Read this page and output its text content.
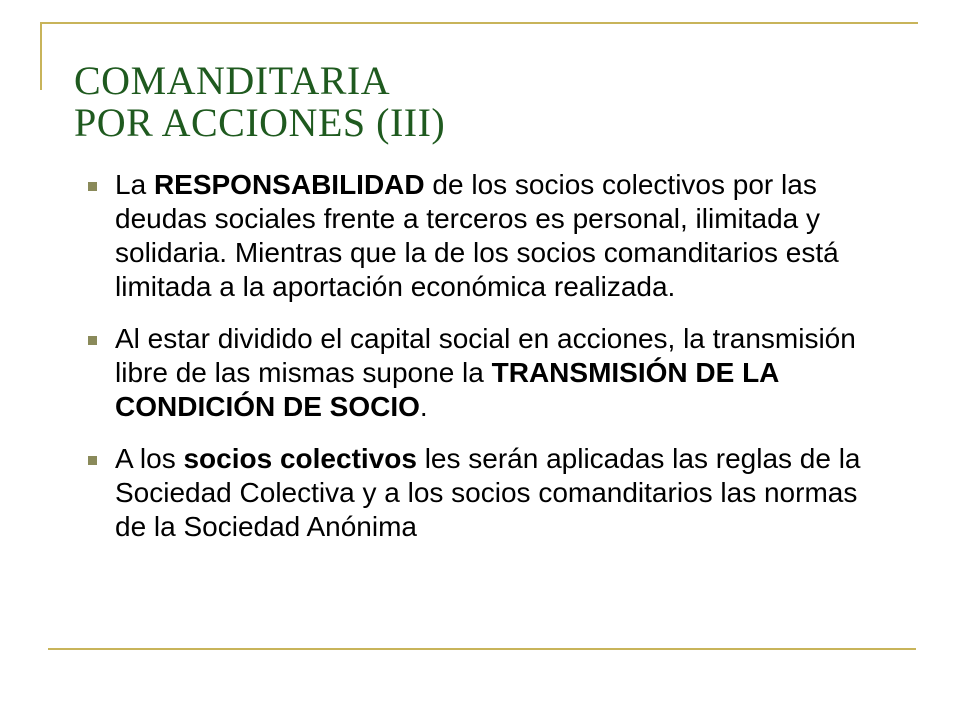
COMANDITARIA
POR ACCIONES (III)
La RESPONSABILIDAD de los socios colectivos por las deudas sociales frente a terceros es personal, ilimitada y solidaria. Mientras que la de los socios comanditarios está limitada a la aportación económica realizada.
Al estar dividido el capital social en acciones, la transmisión libre de las mismas supone la TRANSMISIÓN DE LA CONDICIÓN DE SOCIO.
A los socios colectivos les serán aplicadas las reglas de la Sociedad Colectiva y a los socios comanditarios las normas de la Sociedad Anónima
